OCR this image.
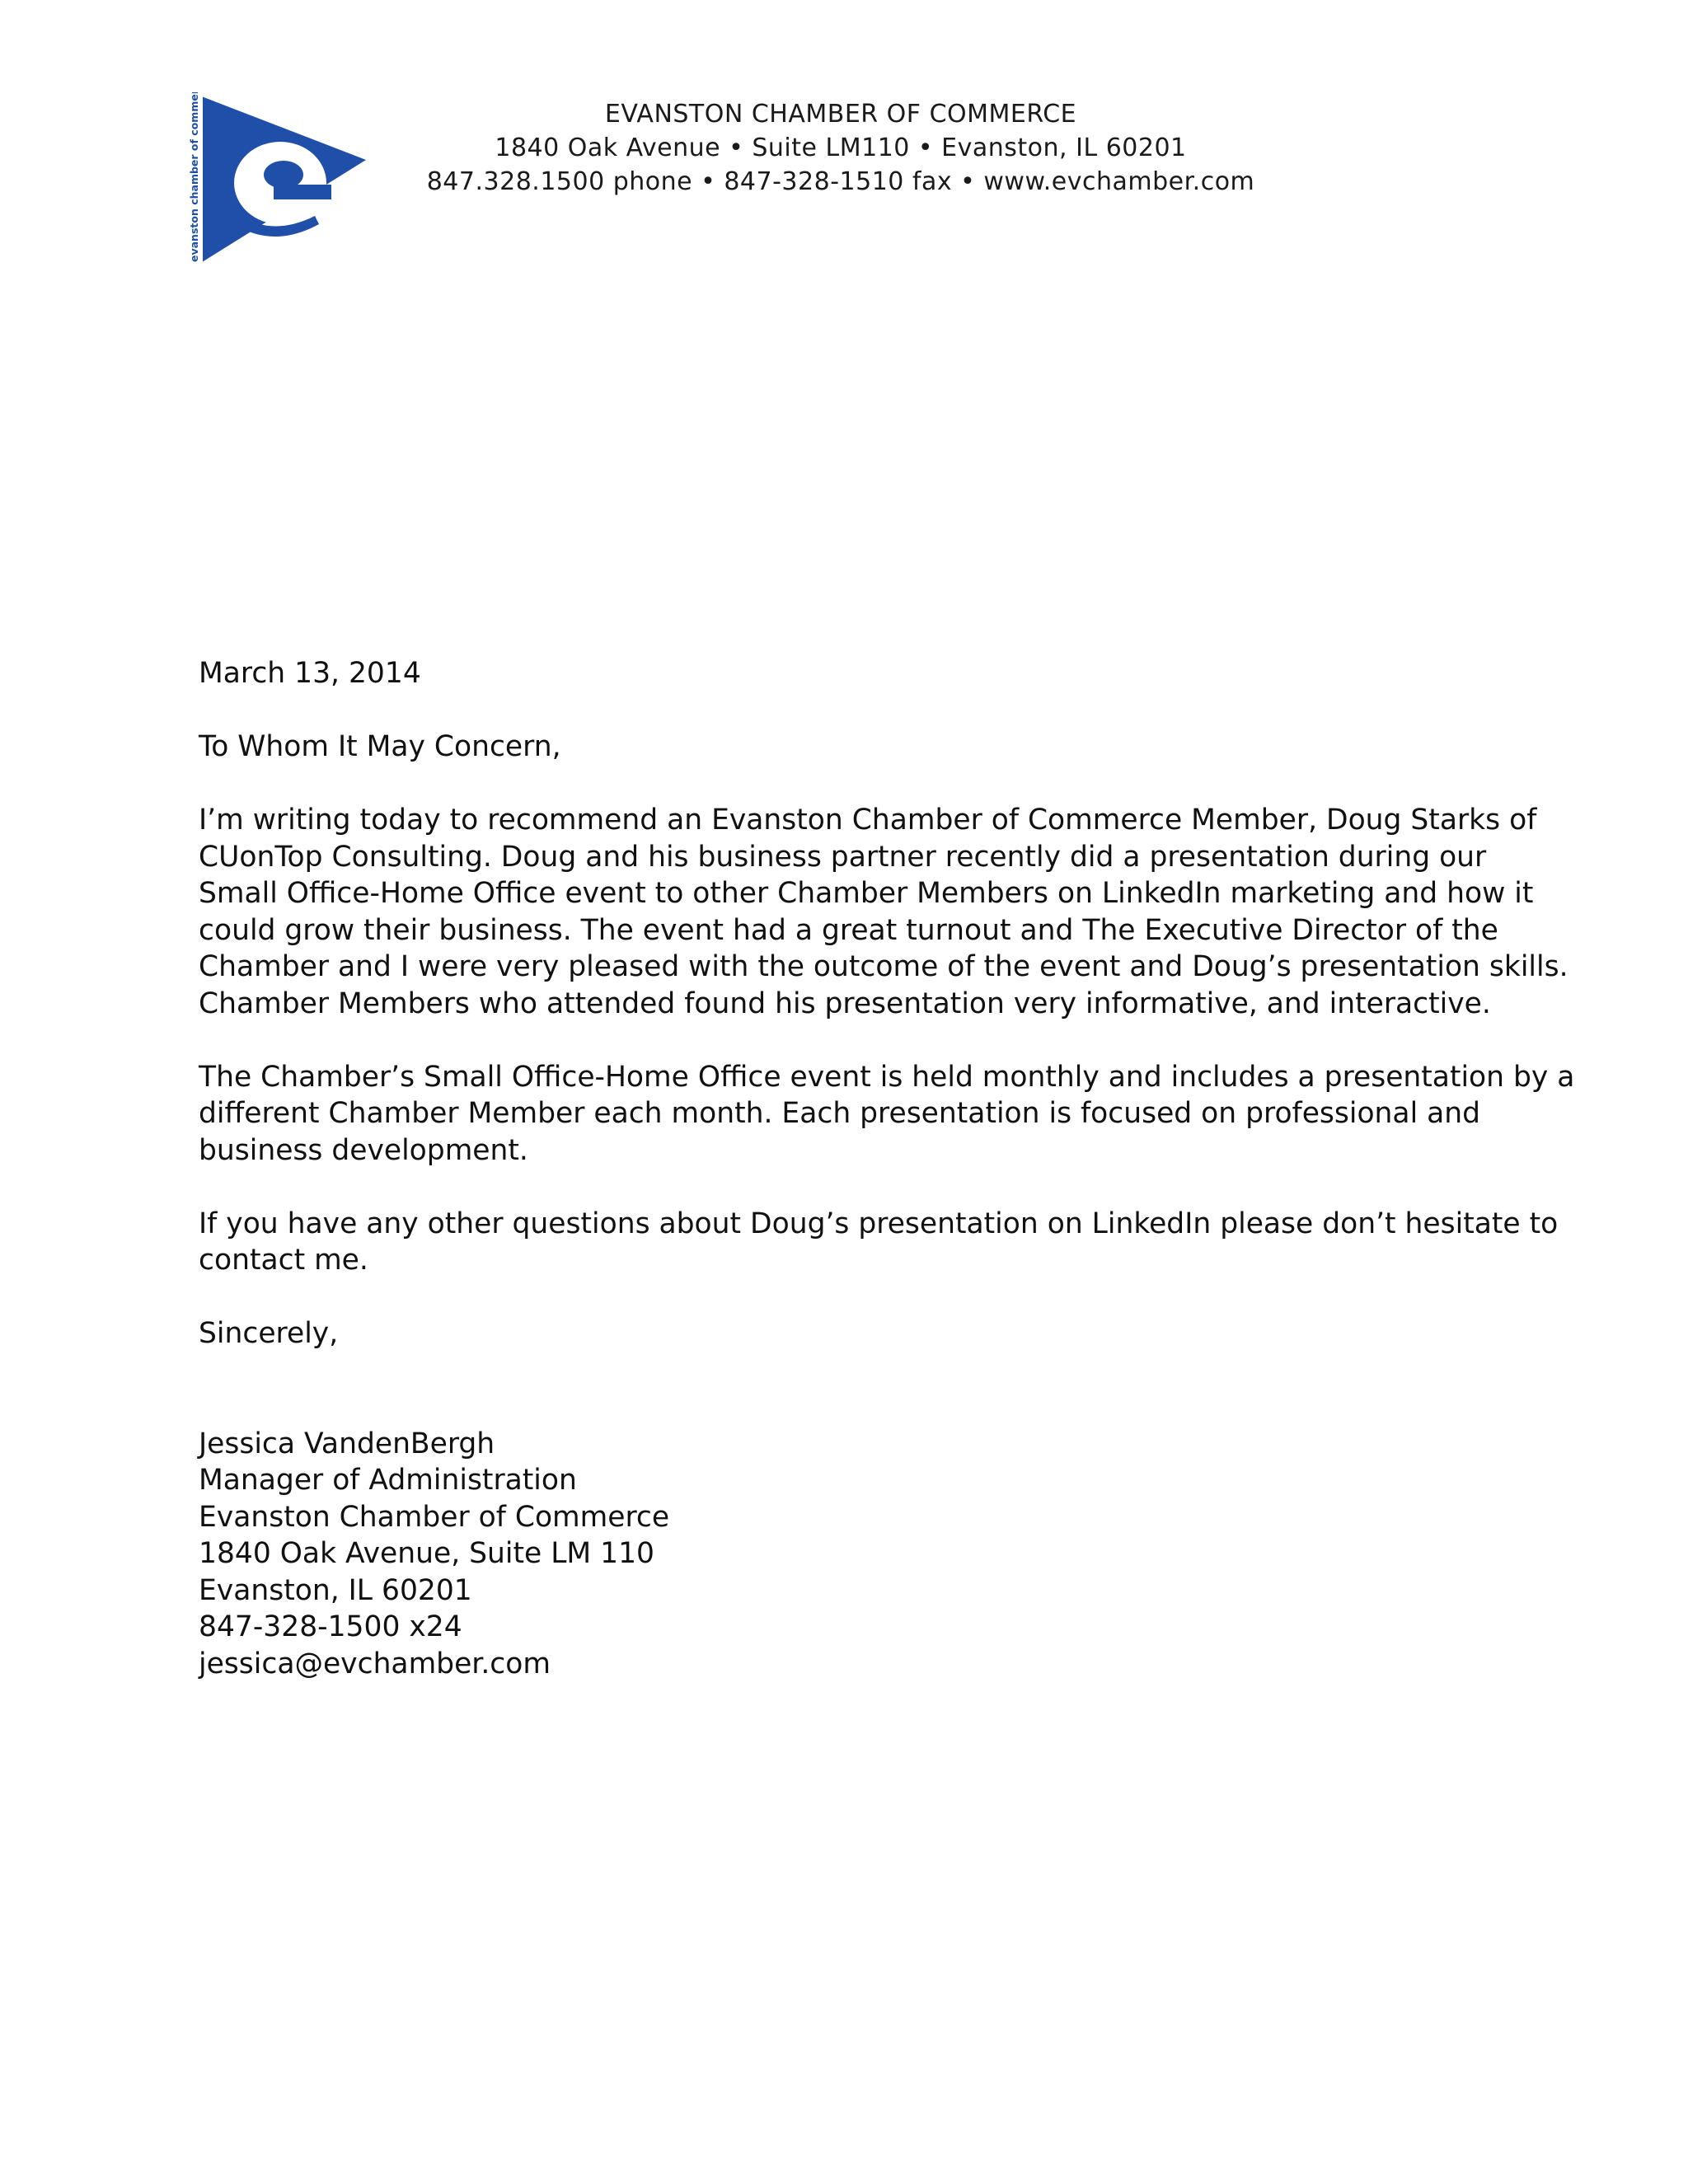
evanston chamber of commerce	EVANSTON CHAMBER OF COMMERCE
1840 Oak Avenue • Suite LM110 • Evanston, IL 60201
847.328.1500 phone • 847-328-1510 fax • www.evchamber.com
March 13, 2014
To Whom It May Concern,
I’m writing today to recommend an Evanston Chamber of Commerce Member, Doug Starks of
CUonTop Consulting. Doug and his business partner recently did a presentation during our
Small Office-Home Office event to other Chamber Members on LinkedIn marketing and how it
could grow their business. The event had a great turnout and The Executive Director of the
Chamber and I were very pleased with the outcome of the event and Doug’s presentation skills.
Chamber Members who attended found his presentation very informative, and interactive.
The Chamber’s Small Office-Home Office event is held monthly and includes a presentation by a
different Chamber Member each month. Each presentation is focused on professional and
business development.
If you have any other questions about Doug’s presentation on LinkedIn please don’t hesitate to
contact me.
Sincerely,
Jessica VandenBergh
Manager of Administration
Evanston Chamber of Commerce
1840 Oak Avenue, Suite LM 110
Evanston, IL 60201
847-328-1500 x24
jessica@evchamber.com
